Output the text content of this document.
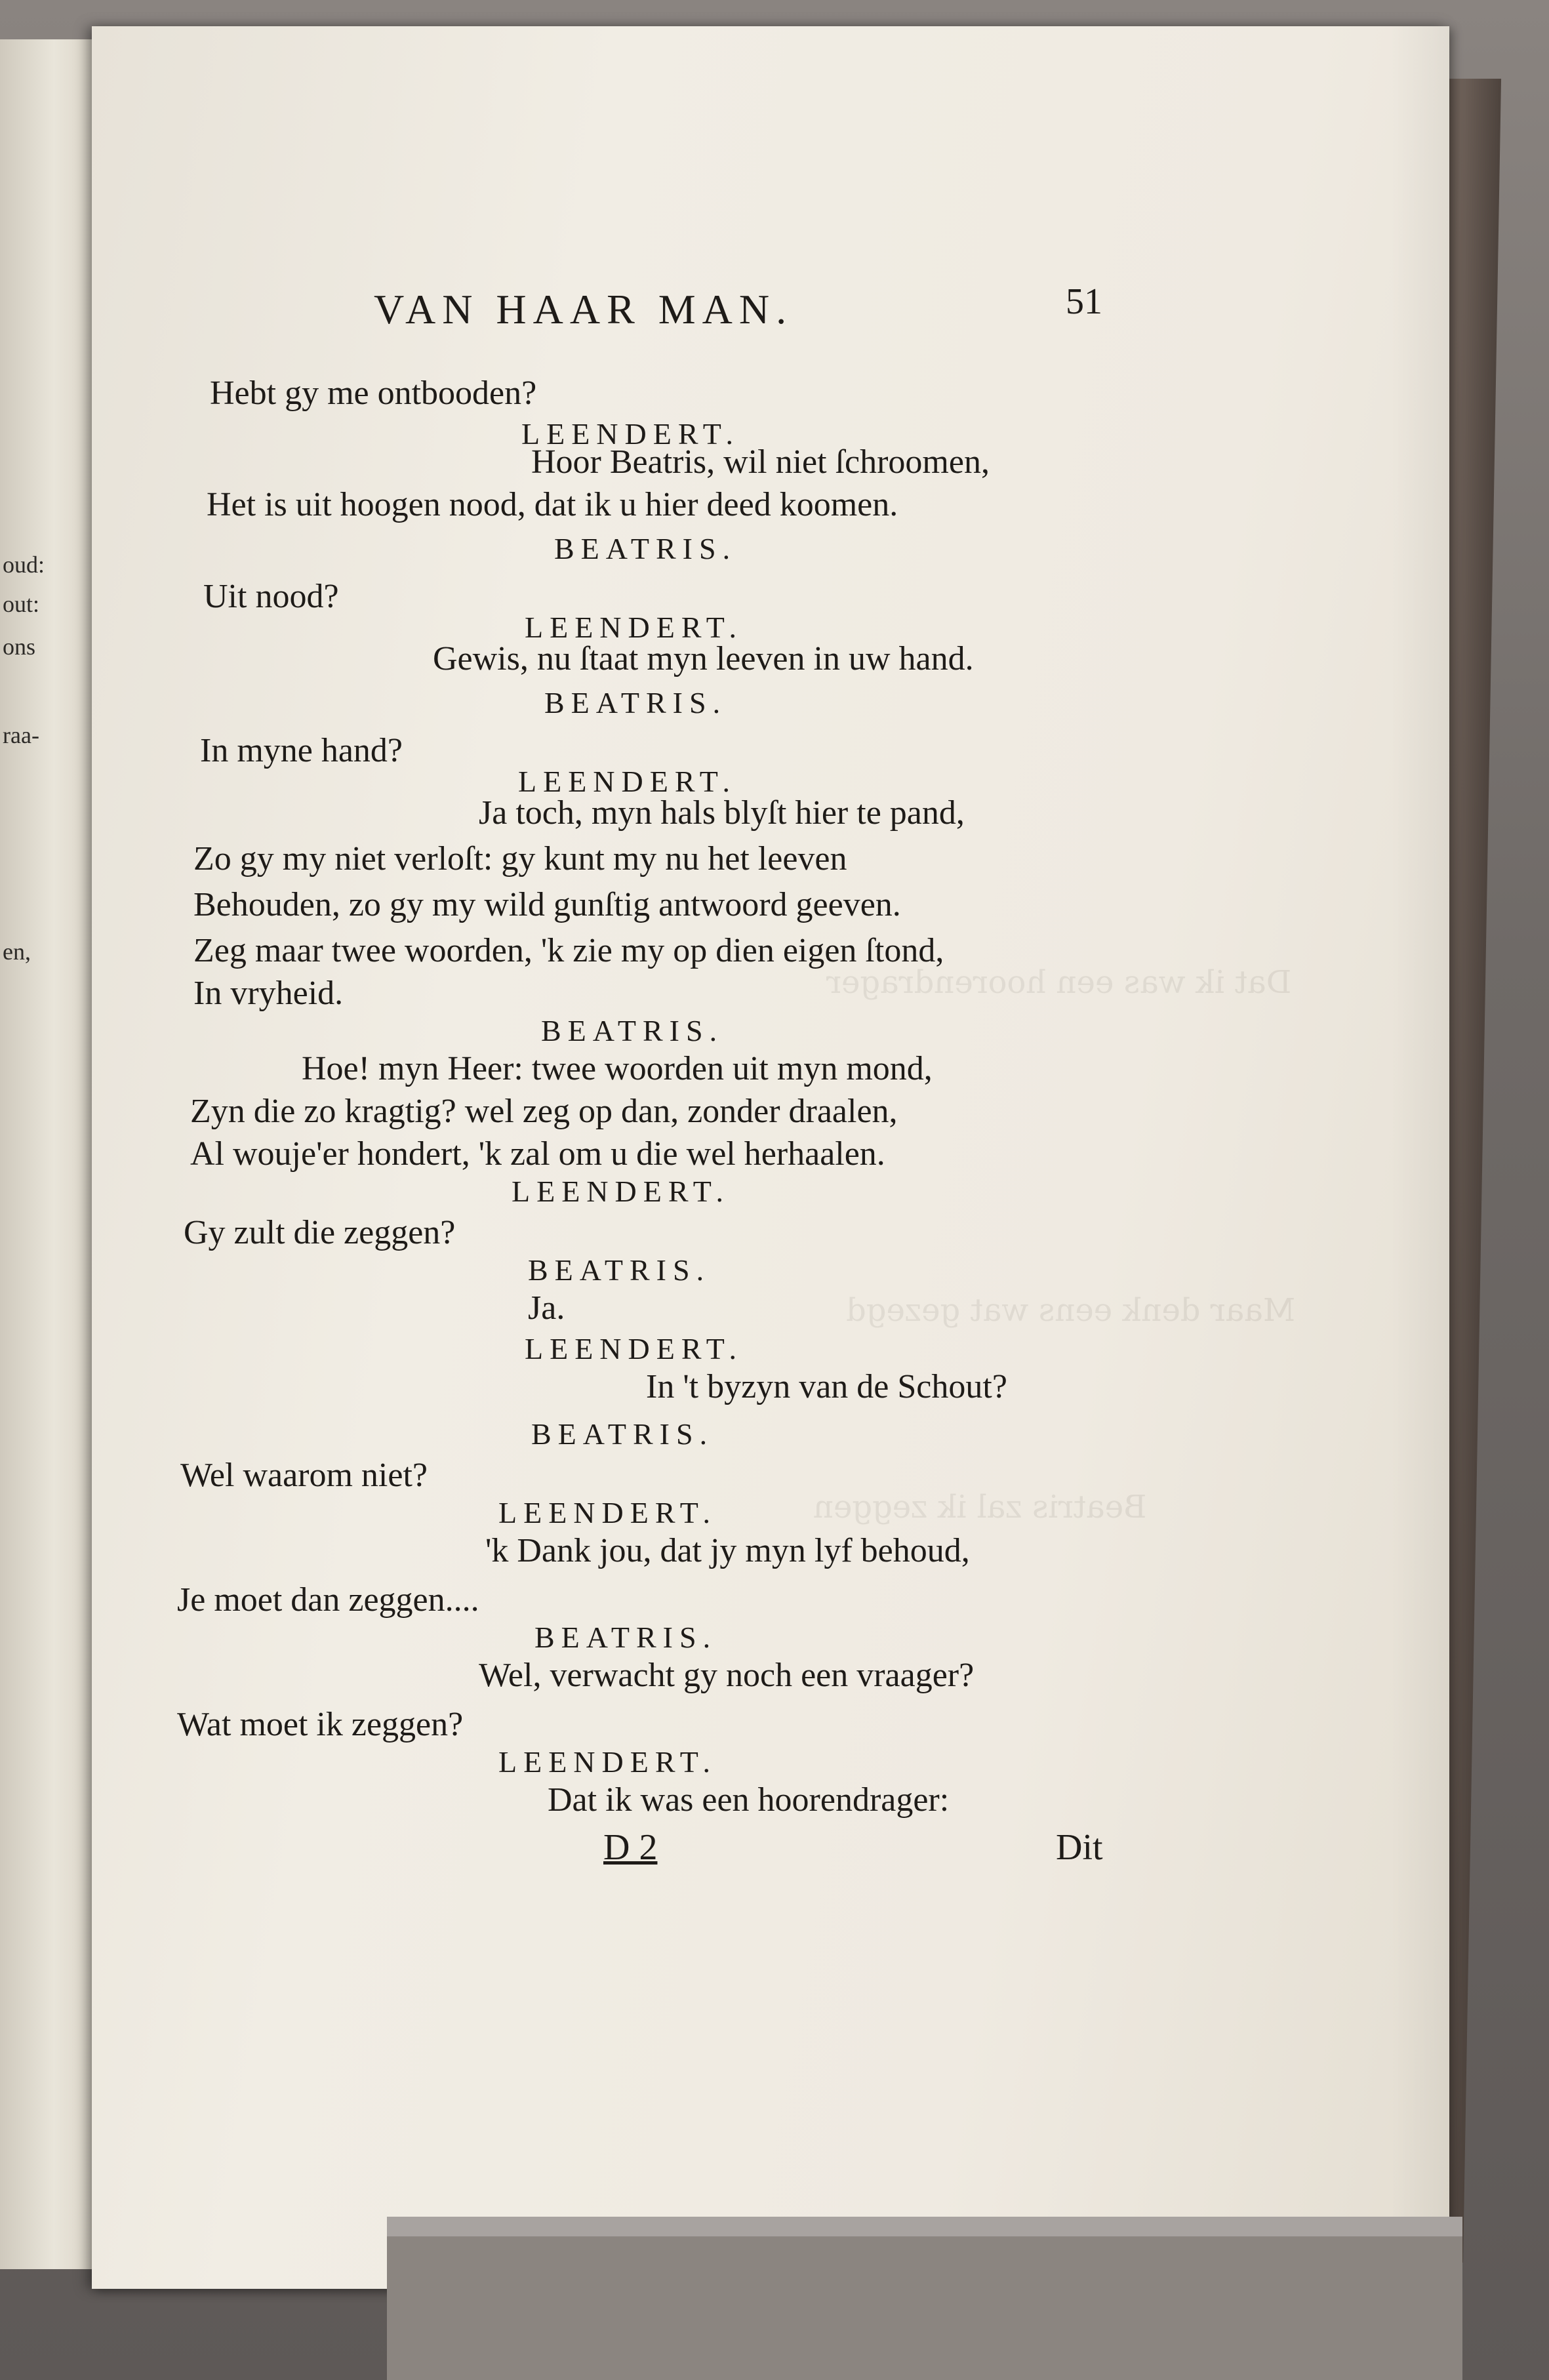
oud:
out:
ons
raa-
en,
Dat ik was een hoorendrager
Maar denk eens wat gezegd
Beatris zal ik zeggen
VAN HAAR MAN.	51
Hebt gy me ontbooden?
LEENDERT.
Hoor Beatris, wil niet ſchroomen,
Het is uit hoogen nood, dat ik u hier deed koomen.
BEATRIS.
Uit nood?
LEENDERT.
Gewis, nu ſtaat myn leeven in uw hand.
BEATRIS.
In myne hand?
LEENDERT.
Ja toch, myn hals blyſt hier te pand,
Zo gy my niet verloſt: gy kunt my nu het leeven
Behouden, zo gy my wild gunſtig antwoord geeven.
Zeg maar twee woorden, 'k zie my op dien eigen ſtond,
In vryheid.
BEATRIS.
Hoe! myn Heer: twee woorden uit myn mond,
Zyn die zo kragtig? wel zeg op dan, zonder draalen,
Al wouje'er hondert, 'k zal om u die wel herhaalen.
LEENDERT.
Gy zult die zeggen?
BEATRIS.
Ja.
LEENDERT.
In 't byzyn van de Schout?
BEATRIS.
Wel waarom niet?
LEENDERT.
'k Dank jou, dat jy myn lyf behoud,
Je moet dan zeggen....
BEATRIS.
Wel, verwacht gy noch een vraager?
Wat moet ik zeggen?
LEENDERT.
Dat ik was een hoorendrager:
D 2	Dit
